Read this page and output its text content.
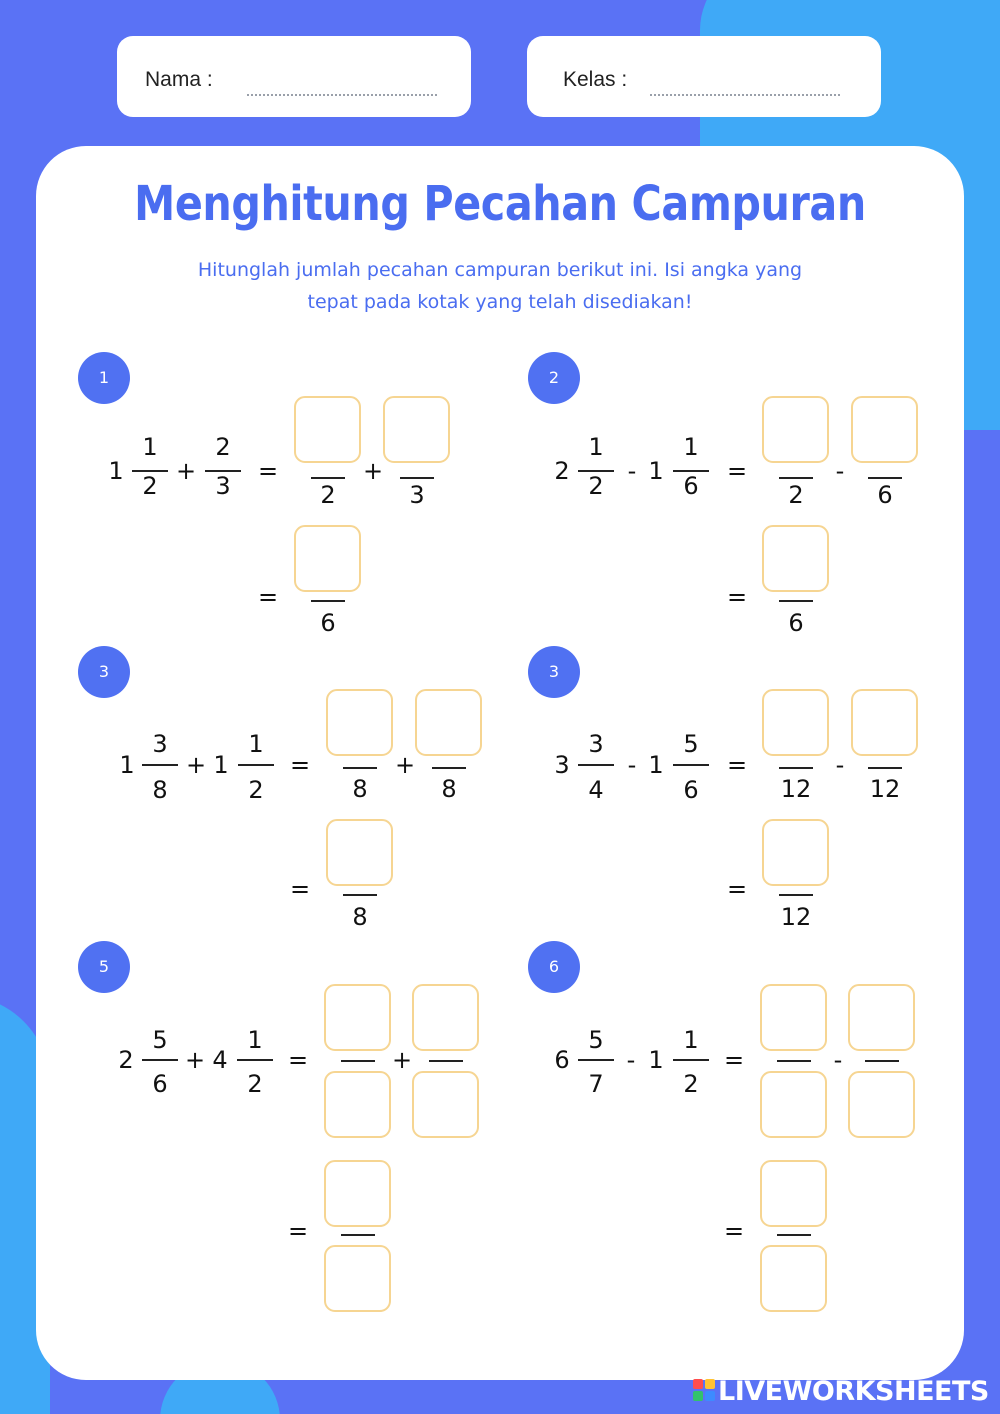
Nama :	Kelas :
Menghitung Pecahan Campuran
Hitunglah jumlah pecahan campuran berikut ini. Isi angka yang
tepat pada kotak yang telah disediakan!
1
1
1
2
+
2
3
=
2	3
+
=
6
2
2
1
2
- 1
1
6
=
2	6
-
=
6
3
1
3
8
+ 1
1
2
=
8	8
+
=
8
3
3
3
4
- 1
5
6
=
12 12
-
=
12
5
2
5
6
+ 4
1
2
=	+
=
6
6
5
7
- 1
1
2
=	-
=
LIVEWORKSHEETS
